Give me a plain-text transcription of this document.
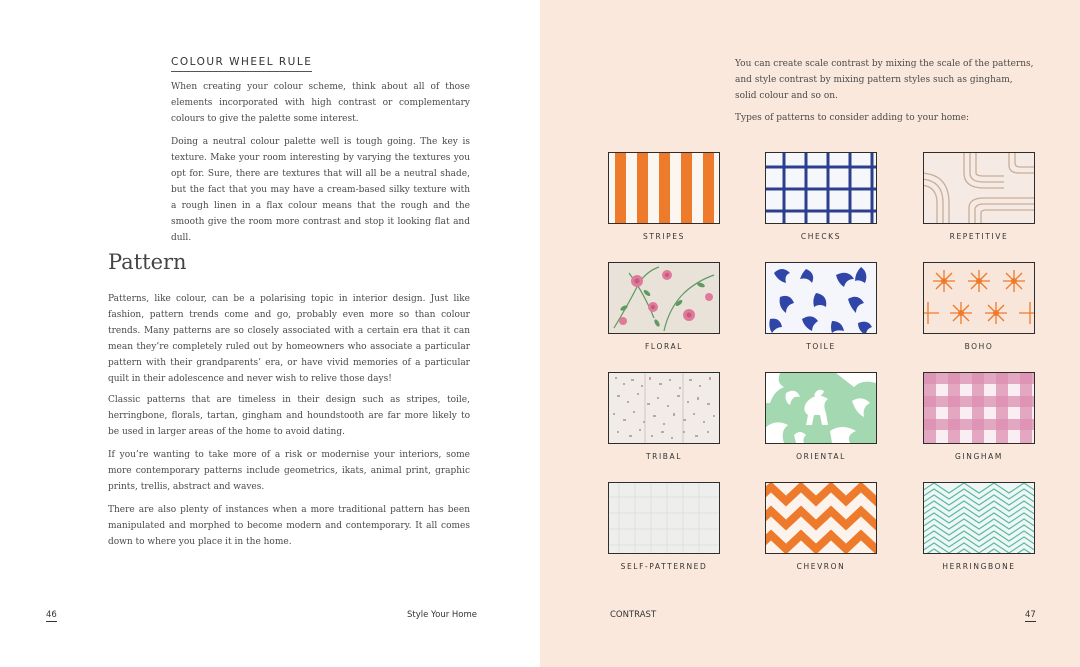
COLOUR WHEEL RULE

When creating your colour scheme, think about all of those elements incorporated with high contrast or complementary colours to give the palette some interest.

Doing a neutral colour palette well is tough going. The key is texture. Make your room interesting by varying the textures you opt for. Sure, there are textures that will all be a neutral shade, but the fact that you may have a cream-based silky texture with a rough linen in a flax colour means that the rough and the smooth give the room more contrast and stop it looking flat and dull.

Pattern

Patterns, like colour, can be a polarising topic in interior design. Just like fashion, pattern trends come and go, probably even more so than colour trends. Many patterns are so closely associated with a certain era that it can mean they’re completely ruled out by homeowners who associate a particular pattern with their grandparents’ era, or have vivid memories of a particular quilt in their adolescence and never wish to relive those days!

Classic patterns that are timeless in their design such as stripes, toile, herringbone, florals, tartan, gingham and houndstooth are far more likely to be used in larger areas of the home to avoid dating.

If you’re wanting to take more of a risk or modernise your interiors, some more contemporary patterns include geometrics, ikats, animal print, graphic prints, trellis, abstract and waves.

There are also plenty of instances when a more traditional pattern has been manipulated and morphed to become modern and contemporary. It all comes down to where you place it in the home.

46	Style Your Home

You can create scale contrast by mixing the scale of the patterns, and style contrast by mixing pattern styles such as gingham, solid colour and so on.

Types of patterns to consider adding to your home:

STRIPES	CHECKS	REPETITIVE
FLORAL	TOILE	BOHO
TRIBAL	ORIENTAL	GINGHAM
SELF-PATTERNED	CHEVRON	HERRINGBONE
CONTRAST	47
